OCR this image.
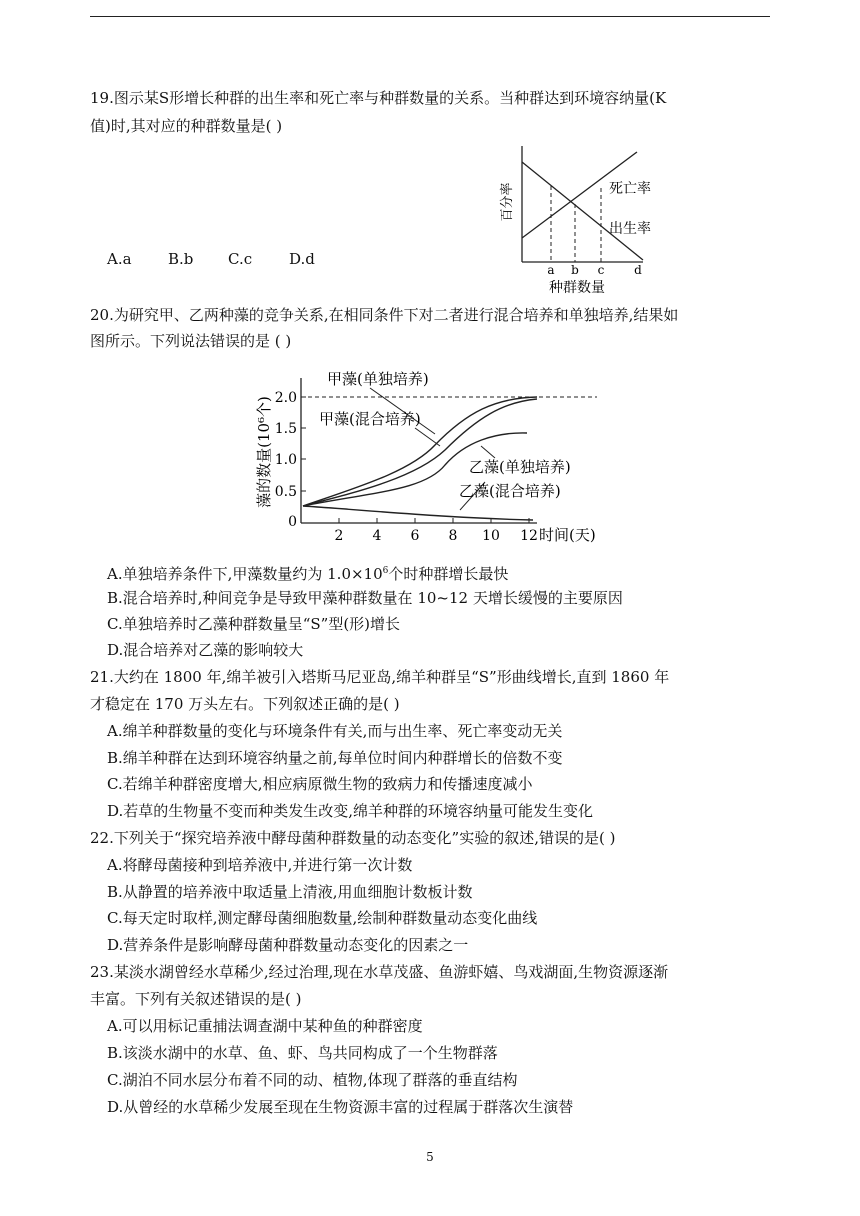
19.图示某S形增长种群的出生率和死亡率与种群数量的关系。当种群达到环境容纳量(K
值)时,其对应的种群数量是( )
A.a B.b C.c D.d
百分率	死亡率
出生率
a b c d
种群数量
20.为研究甲、乙两种藻的竞争关系,在相同条件下对二者进行混合培养和单独培养,结果如
图所示。下列说法错误的是 ( )
2.0
1.5
1.0
0.5
0
2 4 6 8 10 12
藻的数量(10⁶个)
时间(天)
甲藻(单独培养)
甲藻(混合培养)
乙藻(单独培养)
乙藻(混合培养)
A.单独培养条件下,甲藻数量约为 $1.0\times 10^6$个时种群增长最快
B.混合培养时,种间竞争是导致甲藻种群数量在 10~12 天增长缓慢的主要原因
C.单独培养时乙藻种群数量呈“S”型(形)增长
D.混合培养对乙藻的影响较大
21.大约在 1800 年,绵羊被引入塔斯马尼亚岛,绵羊种群呈“S”形曲线增长,直到 1860 年
才稳定在 170 万头左右。下列叙述正确的是( )
A.绵羊种群数量的变化与环境条件有关,而与出生率、死亡率变动无关
B.绵羊种群在达到环境容纳量之前,每单位时间内种群增长的倍数不变
C.若绵羊种群密度增大,相应病原微生物的致病力和传播速度减小
D.若草的生物量不变而种类发生改变,绵羊种群的环境容纳量可能发生变化
22.下列关于“探究培养液中酵母菌种群数量的动态变化”实验的叙述,错误的是( )
A.将酵母菌接种到培养液中,并进行第一次计数
B.从静置的培养液中取适量上清液,用血细胞计数板计数
C.每天定时取样,测定酵母菌细胞数量,绘制种群数量动态变化曲线
D.营养条件是影响酵母菌种群数量动态变化的因素之一
23.某淡水湖曾经水草稀少,经过治理,现在水草茂盛、鱼游虾嬉、鸟戏湖面,生物资源逐渐
丰富。下列有关叙述错误的是( )
A.可以用标记重捕法调查湖中某种鱼的种群密度
B.该淡水湖中的水草、鱼、虾、鸟共同构成了一个生物群落
C.湖泊不同水层分布着不同的动、植物,体现了群落的垂直结构
D.从曾经的水草稀少发展至现在生物资源丰富的过程属于群落次生演替
5
